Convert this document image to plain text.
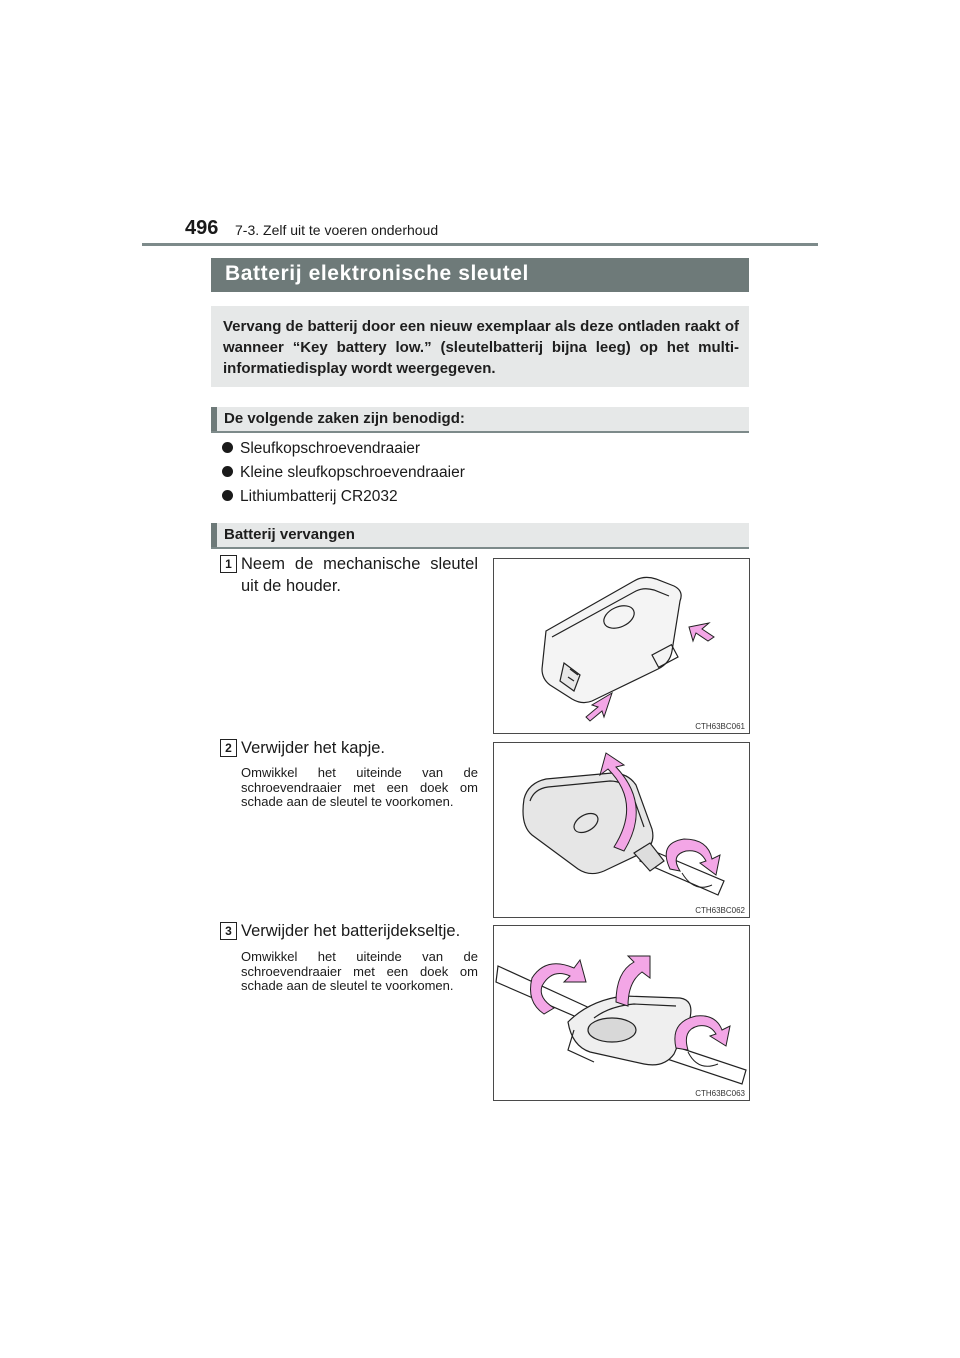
496 7-3. Zelf uit te voeren onderhoud
Batterij elektronische sleutel

Vervang de batterij door een nieuw exemplaar als deze ontladen raakt of wanneer “Key battery low.” (sleutelbatterij bijna leeg) op het multi-informatiedisplay wordt weergegeven.

De volgende zaken zijn benodigd:
Sleufkopschroevendraaier
Kleine sleufkopschroevendraaier
Lithiumbatterij CR2032
Batterij vervangen
1 Neem de mechanische sleutel uit de houder.
CTH63BC061
2 Verwijder het kapje.
Omwikkel het uiteinde van de schroevendraaier met een doek om schade aan de sleutel te voorkomen.
CTH63BC062
3 Verwijder het batterijdekseltje.
Omwikkel het uiteinde van de schroevendraaier met een doek om schade aan de sleutel te voorkomen.
CTH63BC063
